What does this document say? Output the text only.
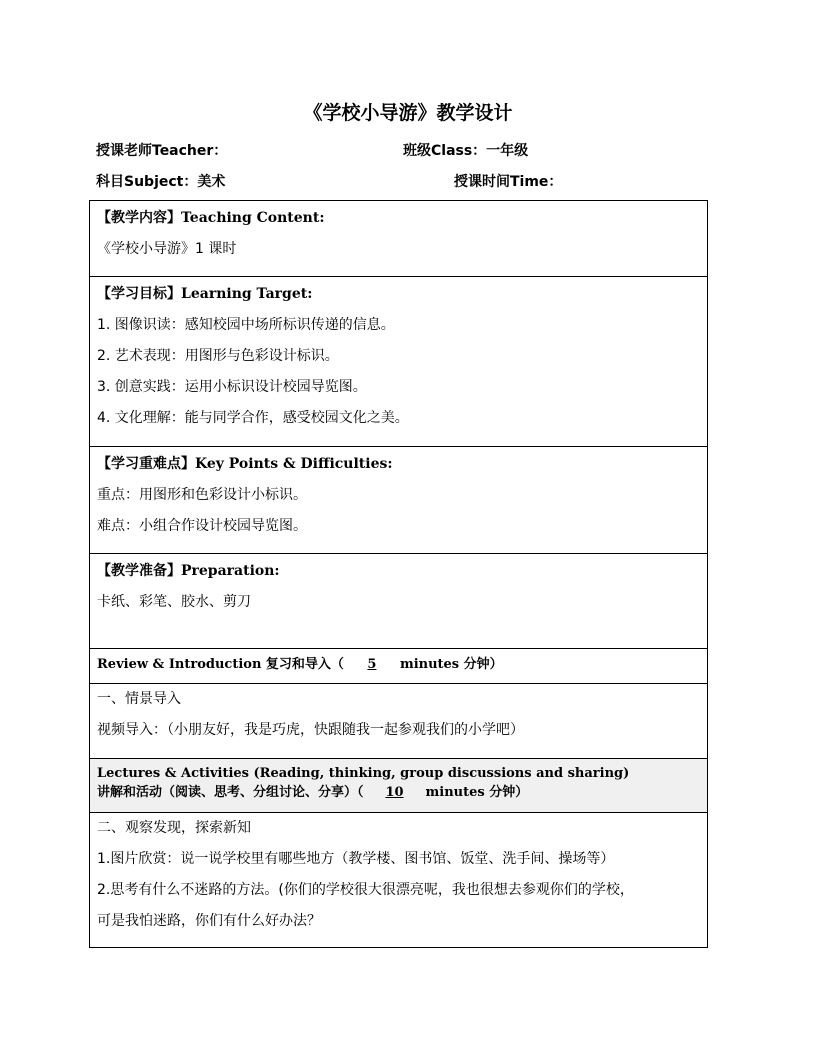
《学校小导游》教学设计
授课老师Teacher：	班级Class：一年级
科目Subject：美术	授课时间Time：
【教学内容】Teaching Content:
《学校小导游》1 课时
【学习目标】Learning Target:
1. 图像识读：感知校园中场所标识传递的信息。
2. 艺术表现：用图形与色彩设计标识。
3. 创意实践：运用小标识设计校园导览图。
4. 文化理解：能与同学合作，感受校园文化之美。
【学习重难点】Key Points & Difficulties:
重点：用图形和色彩设计小标识。
难点：小组合作设计校园导览图。
【教学准备】Preparation:
卡纸、彩笔、胶水、剪刀
Review & Introduction 复习和导入（ 5 minutes 分钟）
一、情景导入
视频导入：（小朋友好，我是巧虎，快跟随我一起参观我们的小学吧）
Lectures & Activities (Reading, thinking, group discussions and sharing)
讲解和活动（阅读、思考、分组讨论、分享）（ 10 minutes 分钟）
二、观察发现，探索新知
1.图片欣赏：说一说学校里有哪些地方（教学楼、图书馆、饭堂、洗手间、操场等）
2.思考有什么不迷路的方法。(你们的学校很大很漂亮呢，我也很想去参观你们的学校，
可是我怕迷路，你们有什么好办法？
